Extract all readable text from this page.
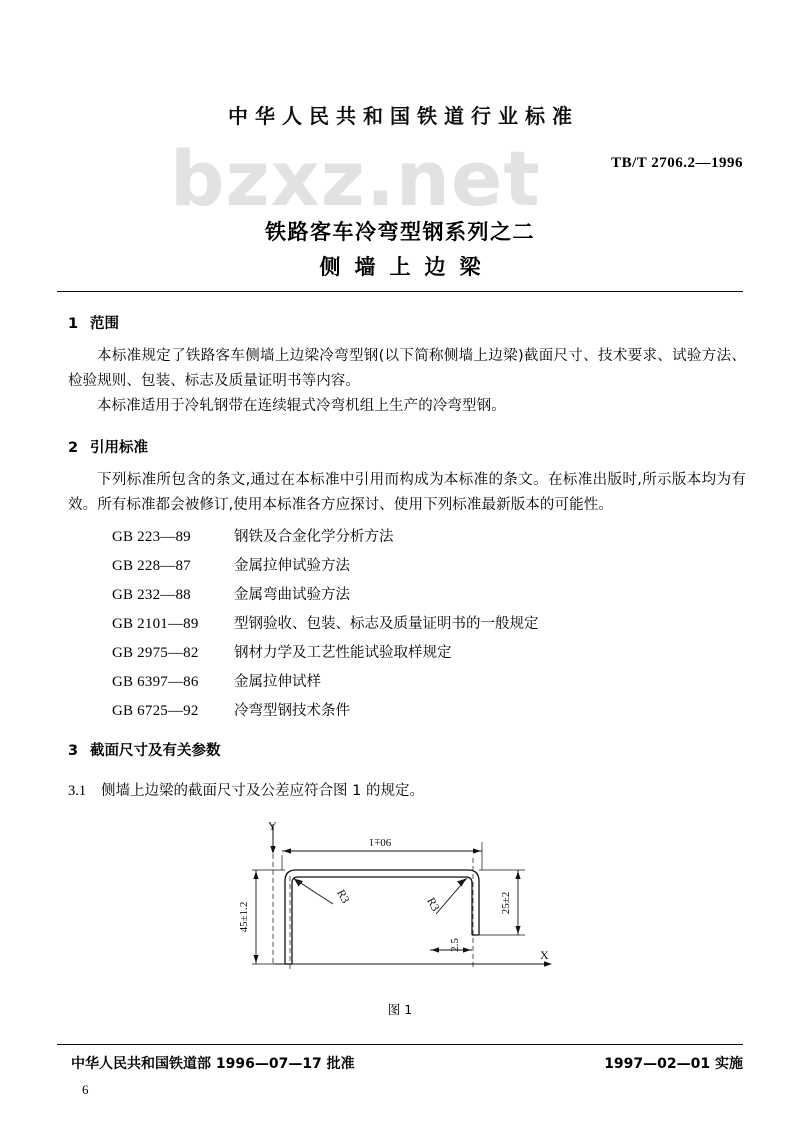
bzxz.net
中华人民共和国铁道行业标准
TB/T 2706.2—1996
铁路客车冷弯型钢系列之二
侧墙上边梁
1 范围

本标准规定了铁路客车侧墙上边梁冷弯型钢(以下简称侧墙上边梁)截面尺寸、技术要求、试验方法、检验规则、包装、标志及质量证明书等内容。

本标准适用于冷轧钢带在连续辊式冷弯机组上生产的冷弯型钢。

2 引用标准

下列标准所包含的条文,通过在本标准中引用而构成为本标准的条文。在标准出版时,所示版本均为有效。所有标准都会被修订,使用本标准各方应探讨、使用下列标准最新版本的可能性。

GB 223—89	钢铁及合金化学分析方法
GB 228—87	金属拉伸试验方法
GB 232—88	金属弯曲试验方法
GB 2101—89	型钢验收、包装、标志及质量证明书的一般规定
GB 2975—82	钢材力学及工艺性能试验取样规定
GB 6397—86	金属拉伸试样
GB 6725—92	冷弯型钢技术条件
3 截面尺寸及有关参数

3.1 侧墙上边梁的截面尺寸及公差应符合图 1 的规定。

90±1
45±1.2	25±2
2.5
R3	R3
Y
X
图 1
中华人民共和国铁道部 1996—07—17 批准	1997—02—01 实施
6
